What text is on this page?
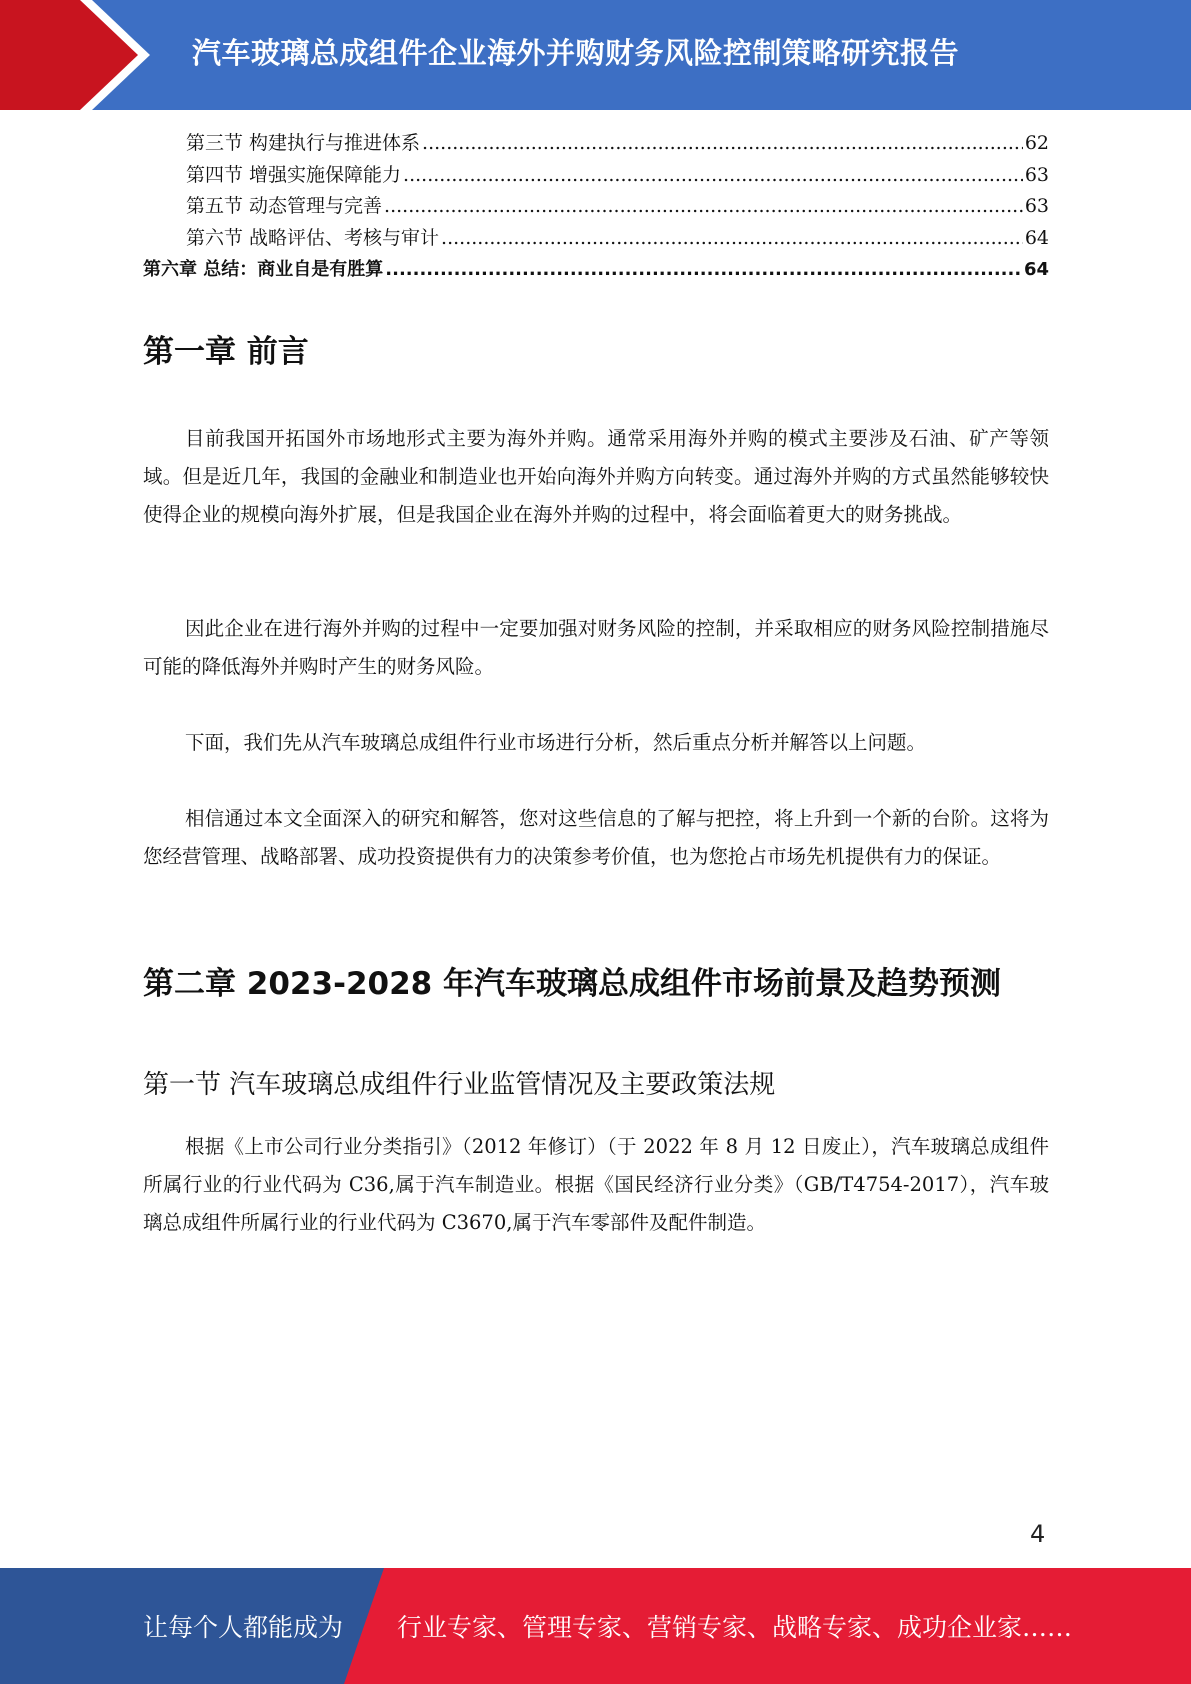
汽车玻璃总成组件企业海外并购财务风险控制策略研究报告
第三节 构建执行与推进体系 .....	62
第四节 增强实施保障能力 .....	63
第五节 动态管理与完善 .....	63
第六节 战略评估、考核与审计 .....	64
第六章 总结：商业自是有胜算 .....	64
第一章 前言

目前我国开拓国外市场地形式主要为海外并购。通常采用海外并购的模式主要涉及石油、矿产等领域。但是近几年，我国的金融业和制造业也开始向海外并购方向转变。通过海外并购的方式虽然能够较快使得企业的规模向海外扩展，但是我国企业在海外并购的过程中，将会面临着更大的财务挑战。

因此企业在进行海外并购的过程中一定要加强对财务风险的控制，并采取相应的财务风险控制措施尽可能的降低海外并购时产生的财务风险。

下面，我们先从汽车玻璃总成组件行业市场进行分析，然后重点分析并解答以上问题。

相信通过本文全面深入的研究和解答，您对这些信息的了解与把控，将上升到一个新的台阶。这将为您经营管理、战略部署、成功投资提供有力的决策参考价值，也为您抢占市场先机提供有力的保证。

第二章 2023-2028 年汽车玻璃总成组件市场前景及趋势预测
第一节 汽车玻璃总成组件行业监管情况及主要政策法规

根据《上市公司行业分类指引》（2012 年修订）（于 2022 年 8 月 12 日废止），汽车玻璃总成组件所属行业的行业代码为 C36,属于汽车制造业。根据《国民经济行业分类》（GB/T4754-2017），汽车玻璃总成组件所属行业的行业代码为 C3670,属于汽车零部件及配件制造。

4
让每个人都能成为 行业专家、管理专家、营销专家、战略专家、成功企业家……
